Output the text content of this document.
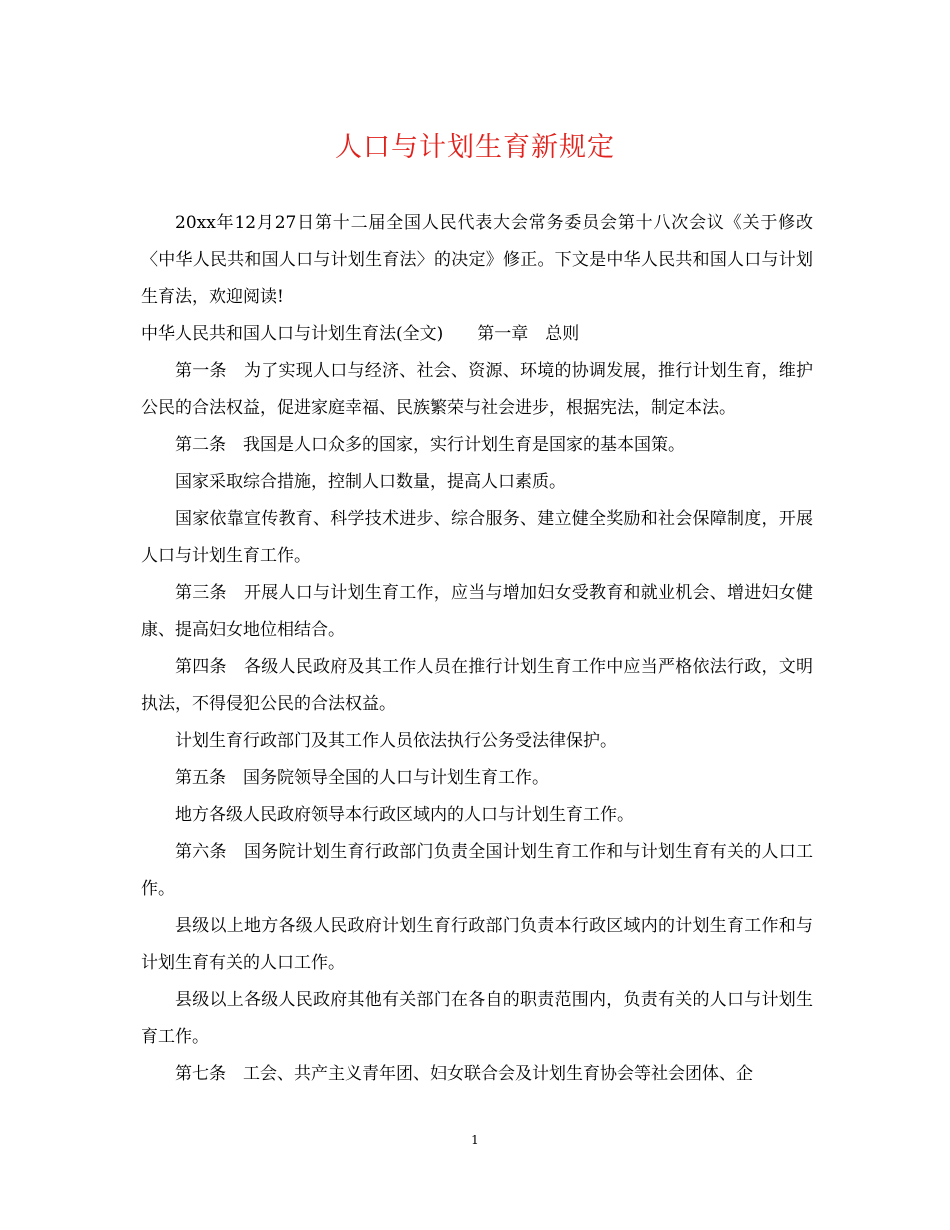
人口与计划生育新规定

20xx年12月27日第十二届全国人民代表大会常务委员会第十八次会议《关于修改〈中华人民共和国人口与计划生育法〉的决定》修正。下文是中华人民共和国人口与计划生育法，欢迎阅读!

中华人民共和国人口与计划生育法(全文)　　第一章　总则

第一条　为了实现人口与经济、社会、资源、环境的协调发展，推行计划生育，维护公民的合法权益，促进家庭幸福、民族繁荣与社会进步，根据宪法，制定本法。

第二条　我国是人口众多的国家，实行计划生育是国家的基本国策。

国家采取综合措施，控制人口数量，提高人口素质。

国家依靠宣传教育、科学技术进步、综合服务、建立健全奖励和社会保障制度，开展人口与计划生育工作。

第三条　开展人口与计划生育工作，应当与增加妇女受教育和就业机会、增进妇女健康、提高妇女地位相结合。

第四条　各级人民政府及其工作人员在推行计划生育工作中应当严格依法行政，文明执法，不得侵犯公民的合法权益。

计划生育行政部门及其工作人员依法执行公务受法律保护。

第五条　国务院领导全国的人口与计划生育工作。

地方各级人民政府领导本行政区域内的人口与计划生育工作。

第六条　国务院计划生育行政部门负责全国计划生育工作和与计划生育有关的人口工作。

县级以上地方各级人民政府计划生育行政部门负责本行政区域内的计划生育工作和与计划生育有关的人口工作。

县级以上各级人民政府其他有关部门在各自的职责范围内，负责有关的人口与计划生育工作。

第七条　工会、共产主义青年团、妇女联合会及计划生育协会等社会团体、企

1
